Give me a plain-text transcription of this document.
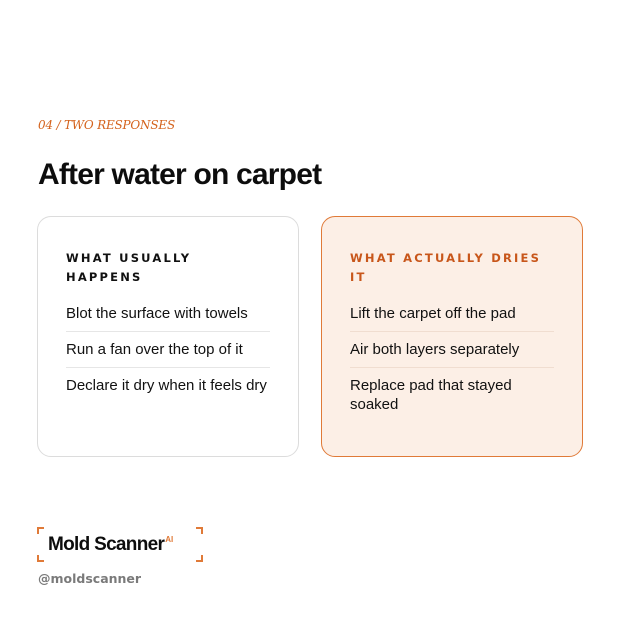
04 / TWO RESPONSES
After water on carpet
WHAT USUALLY HAPPENS
Blot the surface with towels
Run a fan over the top of it
Declare it dry when it feels dry
WHAT ACTUALLY DRIES IT
Lift the carpet off the pad
Air both layers separately
Replace pad that stayed soaked
Mold Scanner$^{AI}$
@moldscanner
